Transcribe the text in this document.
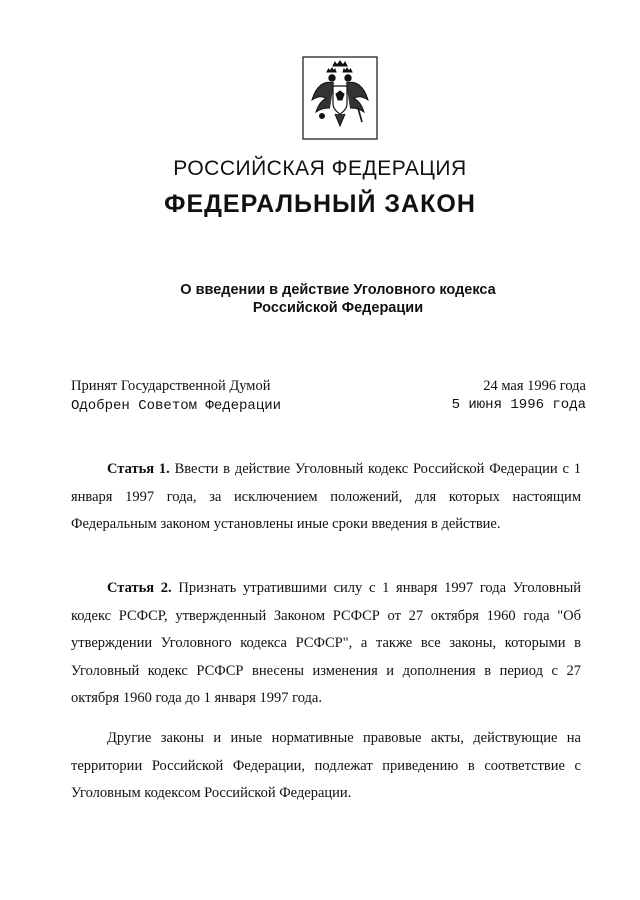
РОССИЙСКАЯ ФЕДЕРАЦИЯ
ФЕДЕРАЛЬНЫЙ ЗАКОН
О введении в действие Уголовного кодекса
Российской Федерации
Принят Государственной Думой	24 мая 1996 года
Одобрен Советом Федерации	5 июня 1996 года
Статья 1. Ввести в действие Уголовный кодекс Российской Федерации с 1 января 1997 года, за исключением положений, для которых настоящим Федеральным законом установлены иные сроки введения в действие.
Статья 2. Признать утратившими силу с 1 января 1997 года Уголовный кодекс РСФСР, утвержденный Законом РСФСР от 27 октября 1960 года "Об утверждении Уголовного кодекса РСФСР", а также все законы, которыми в Уголовный кодекс РСФСР внесены изменения и дополнения в период с 27 октября 1960 года до 1 января 1997 года.
Другие законы и иные нормативные правовые акты, действующие на территории Российской Федерации, подлежат приведению в соответствие с Уголовным кодексом Российской Федерации.
